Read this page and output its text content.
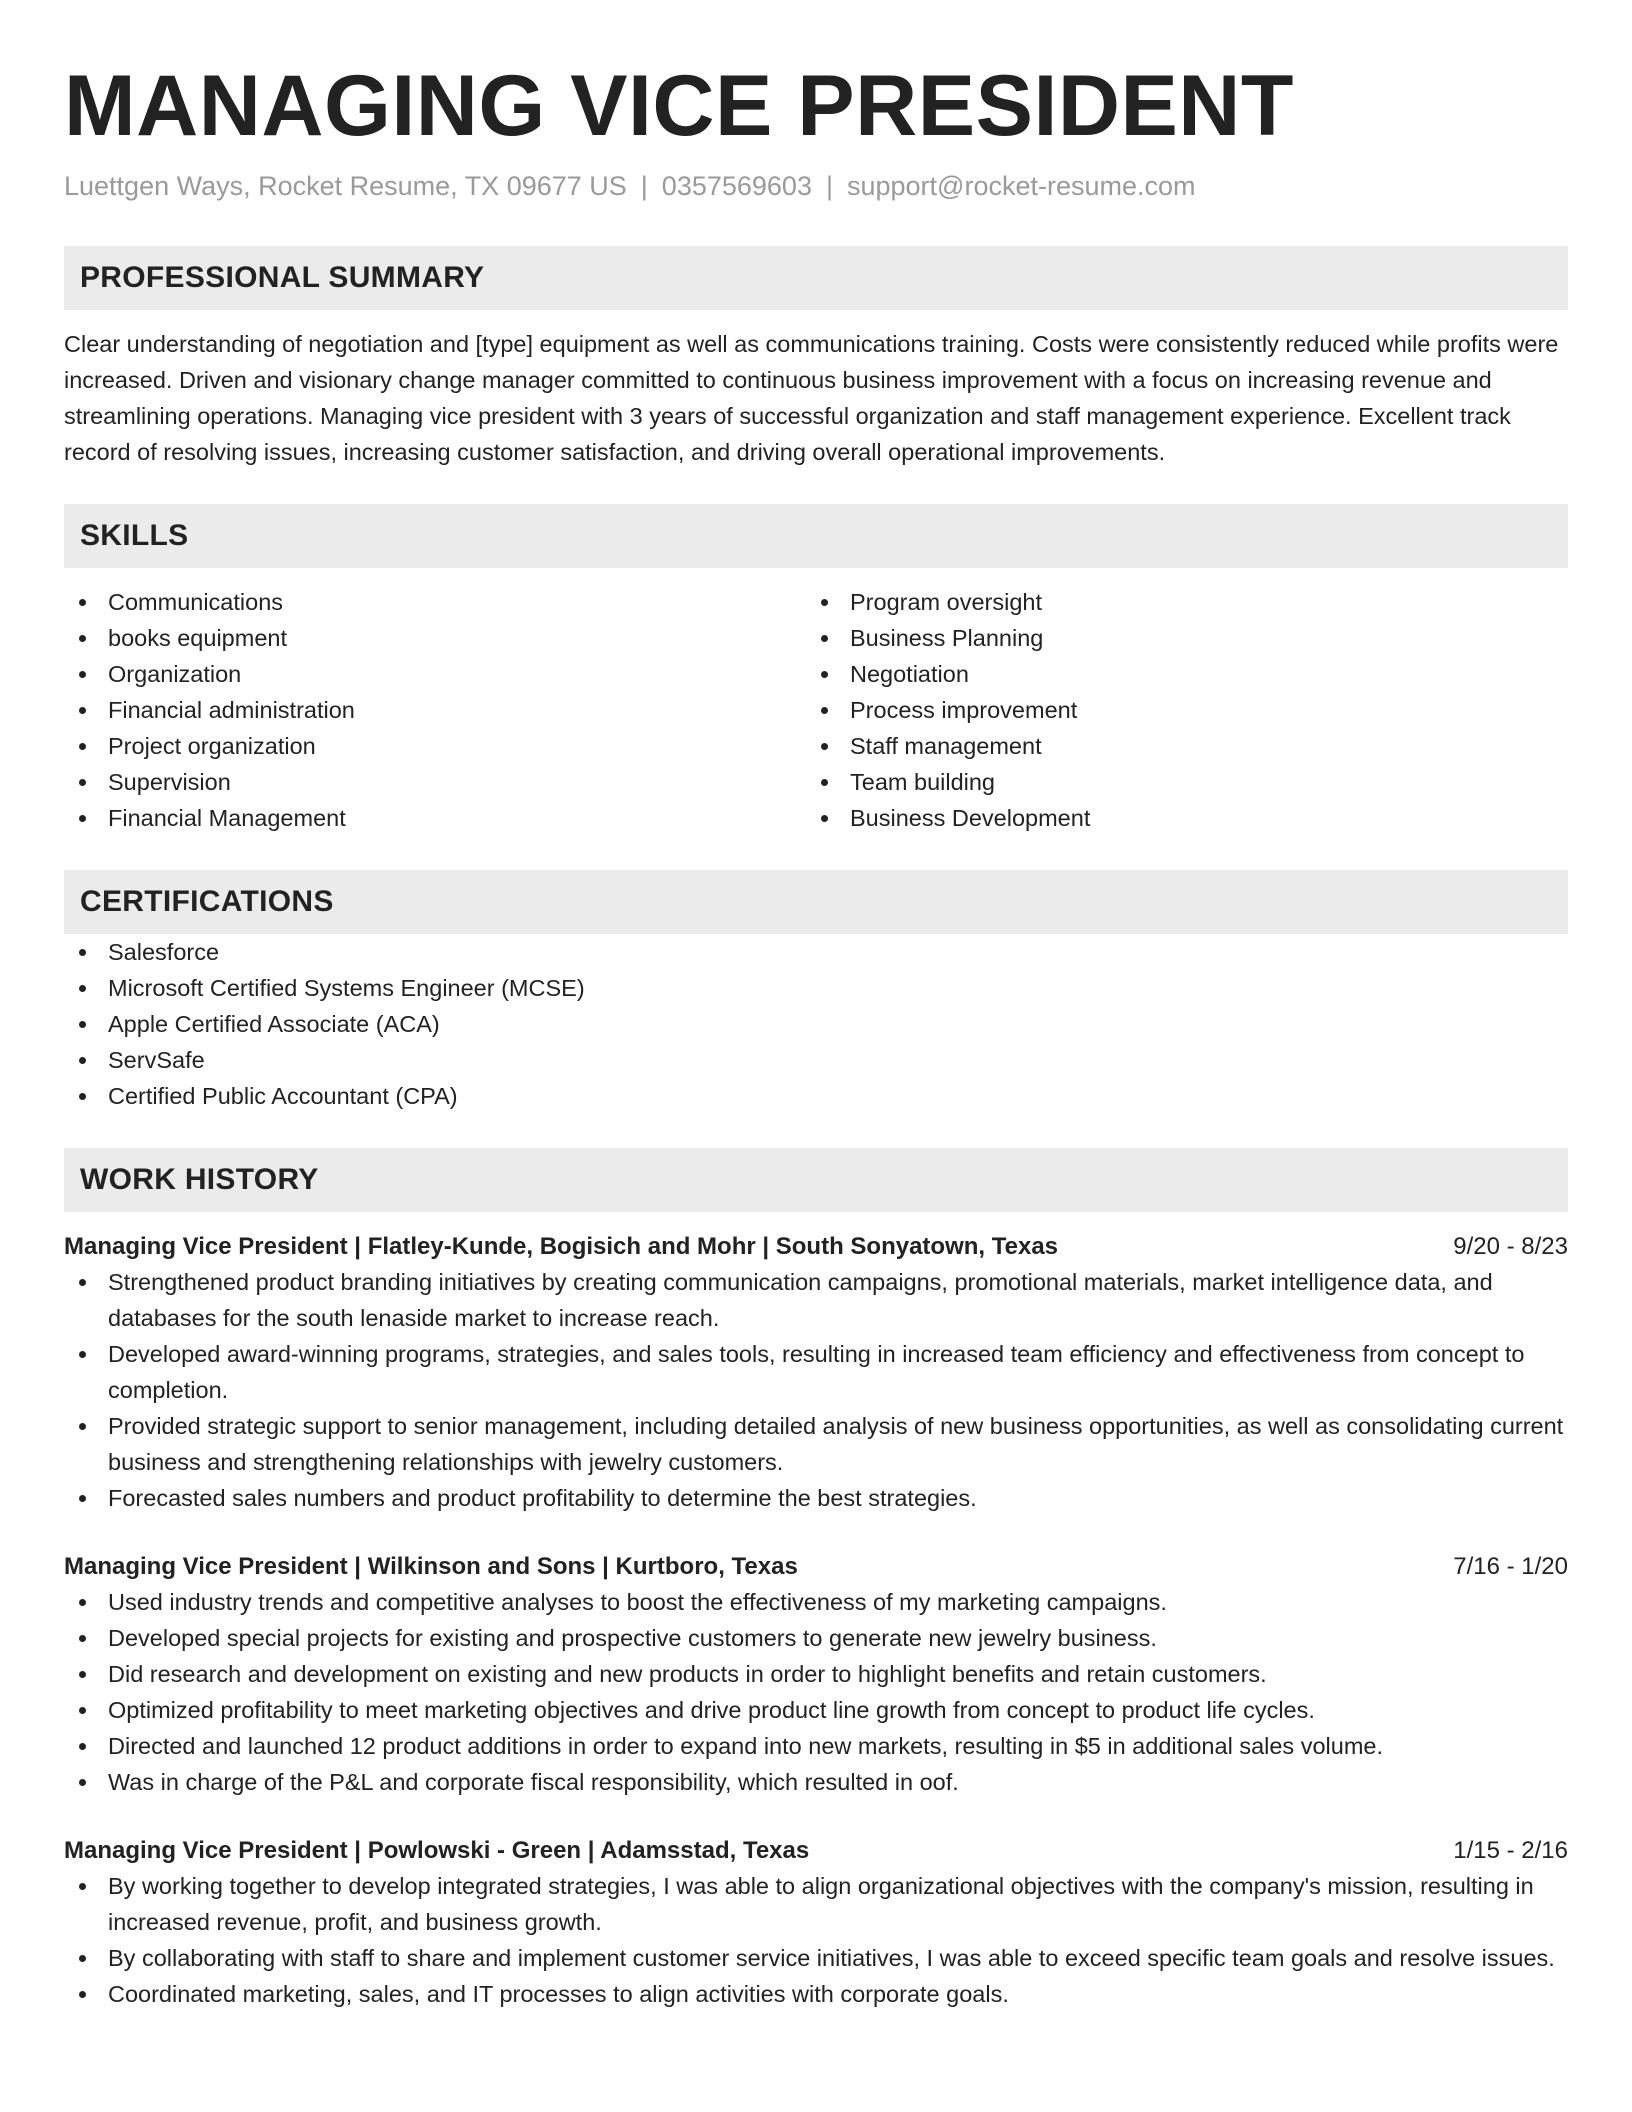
MANAGING VICE PRESIDENT
Luettgen Ways, Rocket Resume, TX 09677 US | 0357569603 | support@rocket-resume.com
PROFESSIONAL SUMMARY
Clear understanding of negotiation and [type] equipment as well as communications training. Costs were consistently reduced while profits were increased. Driven and visionary change manager committed to continuous business improvement with a focus on increasing revenue and streamlining operations. Managing vice president with 3 years of successful organization and staff management experience. Excellent track record of resolving issues, increasing customer satisfaction, and driving overall operational improvements.
SKILLS
Communications
books equipment
Organization
Financial administration
Project organization
Supervision
Financial Management
Program oversight
Business Planning
Negotiation
Process improvement
Staff management
Team building
Business Development
CERTIFICATIONS
Salesforce
Microsoft Certified Systems Engineer (MCSE)
Apple Certified Associate (ACA)
ServSafe
Certified Public Accountant (CPA)
WORK HISTORY
Managing Vice President | Flatley-Kunde, Bogisich and Mohr | South Sonyatown, Texas	9/20 - 8/23
Strengthened product branding initiatives by creating communication campaigns, promotional materials, market intelligence data, and databases for the south lenaside market to increase reach.
Developed award-winning programs, strategies, and sales tools, resulting in increased team efficiency and effectiveness from concept to completion.
Provided strategic support to senior management, including detailed analysis of new business opportunities, as well as consolidating current business and strengthening relationships with jewelry customers.
Forecasted sales numbers and product profitability to determine the best strategies.
Managing Vice President | Wilkinson and Sons | Kurtboro, Texas	7/16 - 1/20
Used industry trends and competitive analyses to boost the effectiveness of my marketing campaigns.
Developed special projects for existing and prospective customers to generate new jewelry business.
Did research and development on existing and new products in order to highlight benefits and retain customers.
Optimized profitability to meet marketing objectives and drive product line growth from concept to product life cycles.
Directed and launched 12 product additions in order to expand into new markets, resulting in $5 in additional sales volume.
Was in charge of the P&L and corporate fiscal responsibility, which resulted in oof.
Managing Vice President | Powlowski - Green | Adamsstad, Texas	1/15 - 2/16
By working together to develop integrated strategies, I was able to align organizational objectives with the company's mission, resulting in increased revenue, profit, and business growth.
By collaborating with staff to share and implement customer service initiatives, I was able to exceed specific team goals and resolve issues.
Coordinated marketing, sales, and IT processes to align activities with corporate goals.
